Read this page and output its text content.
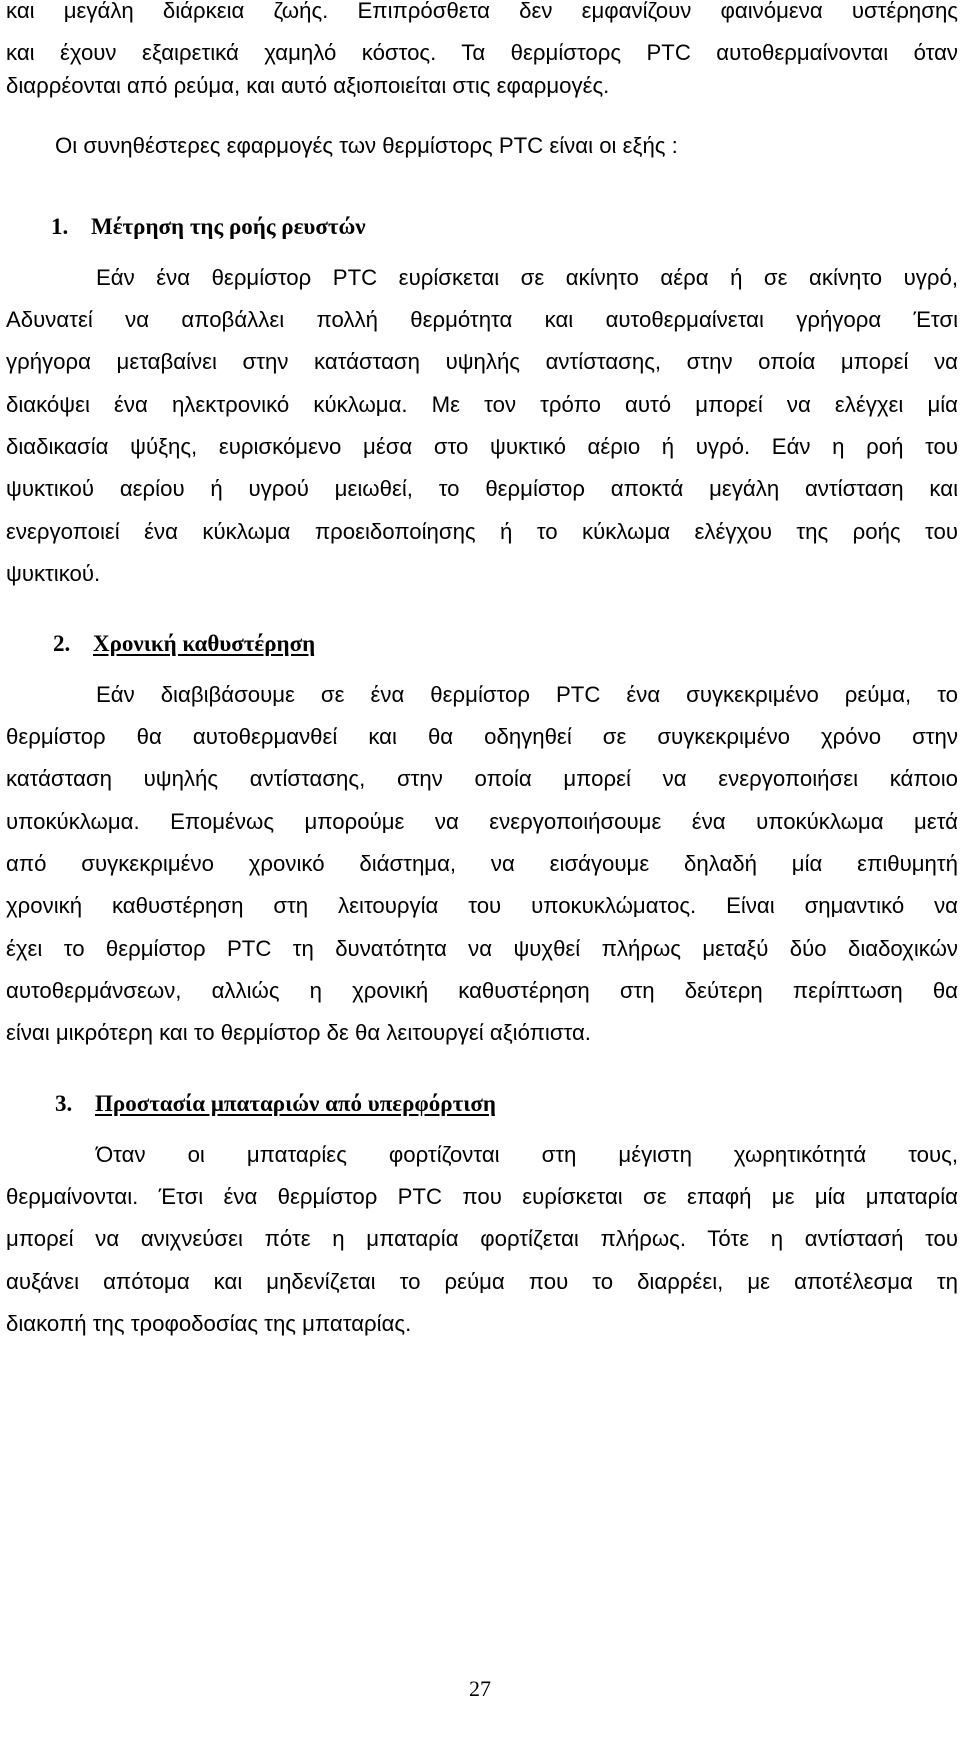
και μεγάλη διάρκεια ζωής. Επιπρόσθετα δεν εμφανίζουν φαινόμενα υστέρησης
και έχουν εξαιρετικά χαμηλό κόστος. Τα θερμίστορς PTC αυτοθερμαίνονται όταν
διαρρέονται από ρεύμα, και αυτό αξιοποιείται στις εφαρμογές.
Οι συνηθέστερες εφαρμογές των θερμίστορς PTC είναι οι εξής :
1. Μέτρηση της ροής ρευστών
Εάν ένα θερμίστορ PTC ευρίσκεται σε ακίνητο αέρα ή σε ακίνητο υγρό,
Αδυνατεί να αποβάλλει πολλή θερμότητα και αυτοθερμαίνεται γρήγορα Έτσι
γρήγορα μεταβαίνει στην κατάσταση υψηλής αντίστασης, στην οποία μπορεί να
διακόψει ένα ηλεκτρονικό κύκλωμα. Με τον τρόπο αυτό μπορεί να ελέγχει μία
διαδικασία ψύξης, ευρισκόμενο μέσα στο ψυκτικό αέριο ή υγρό. Εάν η ροή του
ψυκτικού αερίου ή υγρού μειωθεί, το θερμίστορ αποκτά μεγάλη αντίσταση και
ενεργοποιεί ένα κύκλωμα προειδοποίησης ή το κύκλωμα ελέγχου της ροής του
ψυκτικού.
2. Χρονική καθυστέρηση
Εάν διαβιβάσουμε σε ένα θερμίστορ PTC ένα συγκεκριμένο ρεύμα, το
θερμίστορ θα αυτοθερμανθεί και θα οδηγηθεί σε συγκεκριμένο χρόνο στην
κατάσταση υψηλής αντίστασης, στην οποία μπορεί να ενεργοποιήσει κάποιο
υποκύκλωμα. Επομένως μπορούμε να ενεργοποιήσουμε ένα υποκύκλωμα μετά
από συγκεκριμένο χρονικό διάστημα, να εισάγουμε δηλαδή μία επιθυμητή
χρονική καθυστέρηση στη λειτουργία του υποκυκλώματος. Είναι σημαντικό να
έχει το θερμίστορ PTC τη δυνατότητα να ψυχθεί πλήρως μεταξύ δύο διαδοχικών
αυτοθερμάνσεων, αλλιώς η χρονική καθυστέρηση στη δεύτερη περίπτωση θα
είναι μικρότερη και το θερμίστορ δε θα λειτουργεί αξιόπιστα.
3. Προστασία μπαταριών από υπερφόρτιση
Όταν οι μπαταρίες φορτίζονται στη μέγιστη χωρητικότητά τους,
θερμαίνονται. Έτσι ένα θερμίστορ PTC που ευρίσκεται σε επαφή με μία μπαταρία
μπορεί να ανιχνεύσει πότε η μπαταρία φορτίζεται πλήρως. Τότε η αντίστασή του
αυξάνει απότομα και μηδενίζεται το ρεύμα που το διαρρέει, με αποτέλεσμα τη
διακοπή της τροφοδοσίας της μπαταρίας.
27
